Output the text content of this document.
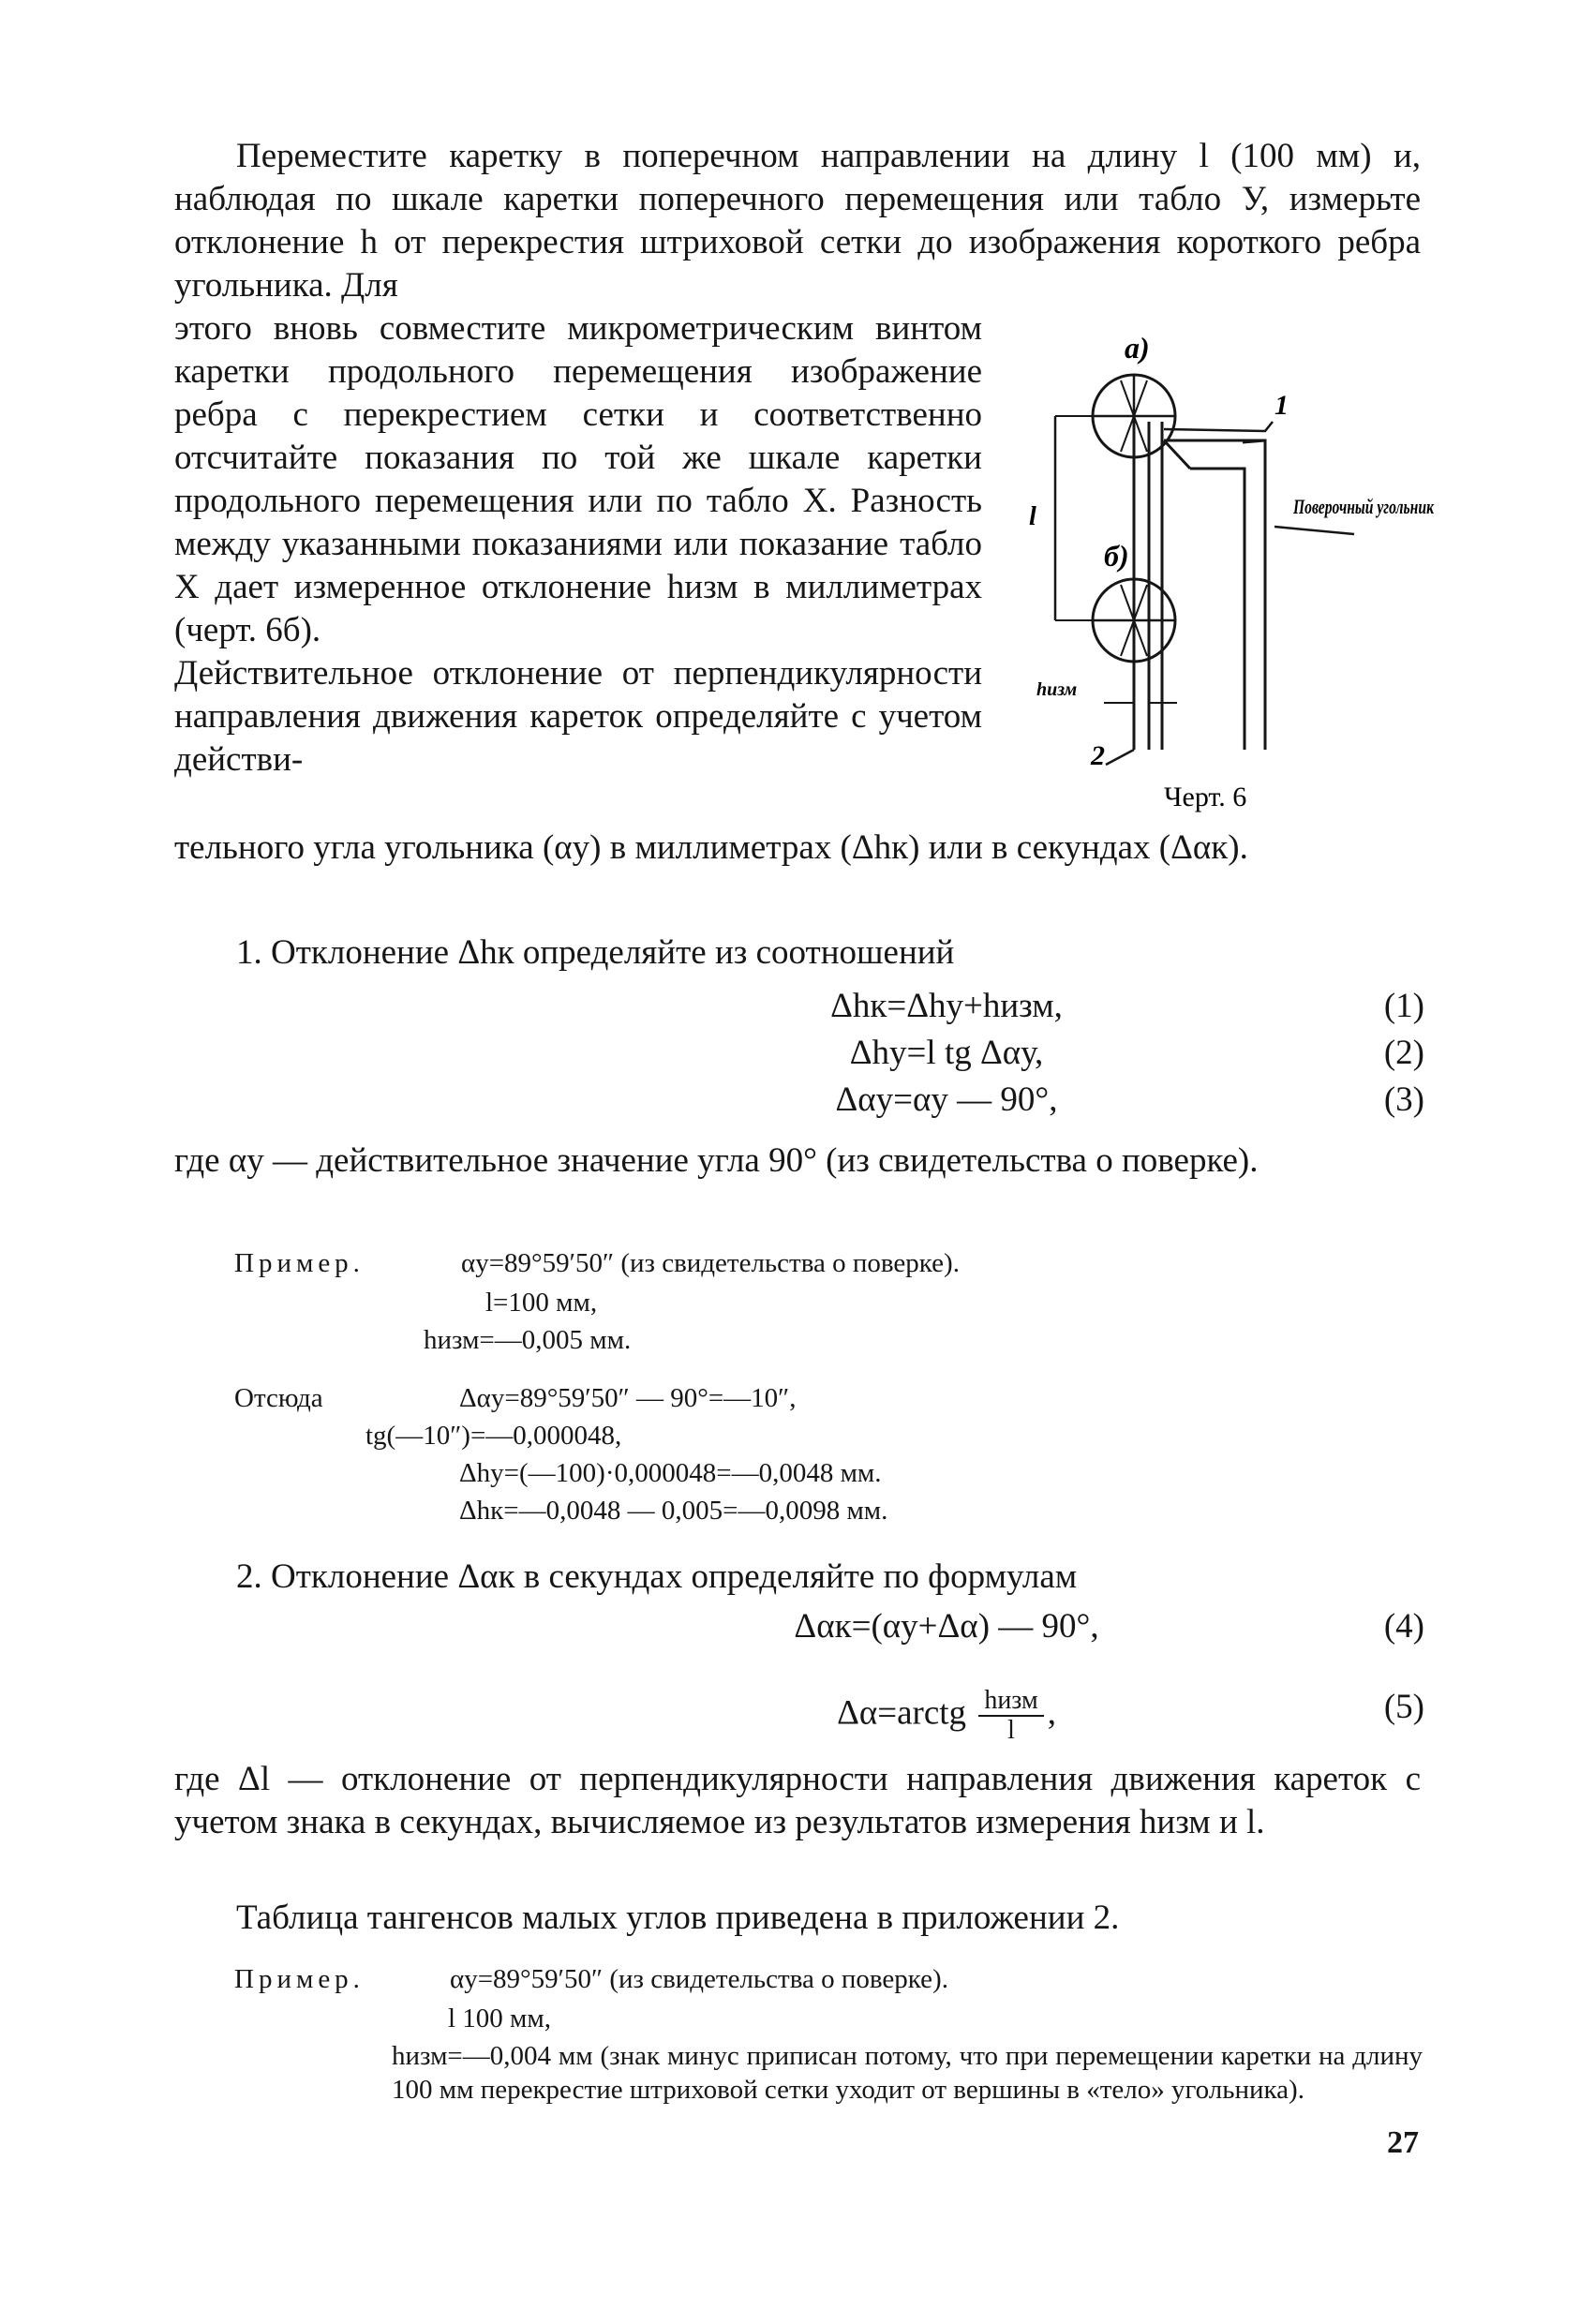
Переместите каретку в поперечном направлении на длину l (100 мм) и, наблюдая по шкале каретки поперечного перемещения или табло У, измерьте отклонение h от перекрестия штриховой сетки до изображения короткого ребра угольника. Для
этого вновь совместите микрометрическим винтом каретки продольного перемещения изображение ребра с перекрестием сетки и соответственно отсчитайте показания по той же шкале каретки продольного перемещения или по табло X. Разность между указанными показаниями или показание табло X дает измеренное отклонение hизм в миллиметрах (черт. 6б).
Действительное отклонение от перпендикулярности направления движения кареток определяйте с учетом действи-
тельного угла угольника (αу) в миллиметрах (Δhк) или в секундах (Δαк).
1. Отклонение Δhк определяйте из соотношений
Δhк=Δhу+hизм,	(1)
Δhу=l tg Δαу,	(2)
Δαу=αу — 90°,	(3)
где αу — действительное значение угла 90° (из свидетельства о поверке).
Пример.	αу=89°59′50″ (из свидетельства о поверке).
l=100 мм,
hизм=—0,005 мм.
Отсюда	Δαу=89°59′50″ — 90°=—10″,
tg(—10″)=—0,000048,
Δhу=(—100)·0,000048=—0,0048 мм.
Δhк=—0,0048 — 0,005=—0,0098 мм.
2. Отклонение Δαк в секундах определяйте по формулам
Δαк=(αу+Δα) — 90°,	(4)
Δα=arctg hизм
l ,	(5)
где Δl — отклонение от перпендикулярности направления движения кареток с учетом знака в секундах, вычисляемое из результатов измерения hизм и l.
Таблица тангенсов малых углов приведена в приложении 2.
Пример.	αу=89°59′50″ (из свидетельства о поверке).
l 100 мм,
hизм=—0,004 мм (знак минус приписан потому, что при перемещении каретки на длину 100 мм перекрестие штриховой сетки уходит от вершины в «тело» угольника).
а)
б)
1
2
l
hизм
Поверочный угольник
Черт. 6
27
